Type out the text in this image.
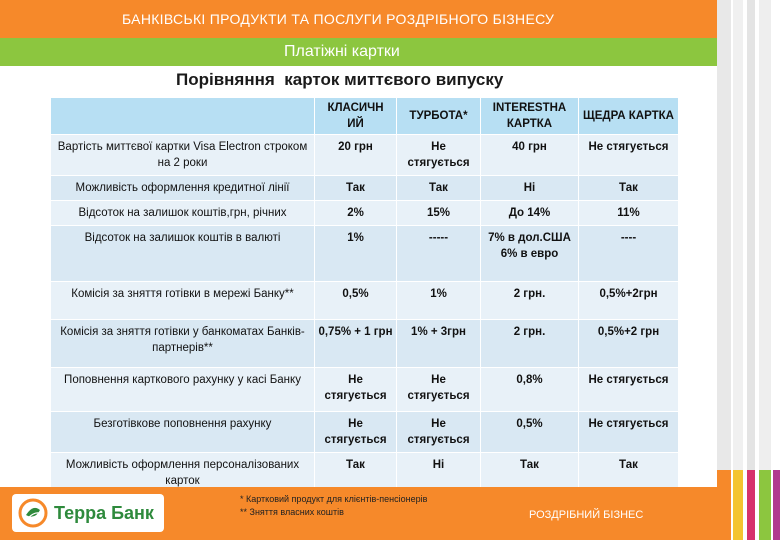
БАНКІВСЬКІ ПРОДУКТИ ТА ПОСЛУГИ РОЗДРІБНОГО БІЗНЕСУ
Платіжні картки
Порівняння  карток миттєвого випуску
	КЛАСИЧН ИЙ	ТУРБОТА*	INTERESTHA КАРТКА	ЩЕДРА КАРТКА
Вартість миттєвої картки Visa Electron строком на 2 роки	20 грн	Не стягується	40 грн	Не стягується
Можливість оформлення кредитної лінії	Так	Так	Ні	Так
Відсоток на залишок коштів,грн, річних	2%	15%	До 14%	11%
Відсоток на залишок коштів в валюті	1%	-----	7% в дол.США 6% в евро	----
Комісія за зняття готівки в мережі Банку**	0,5%	1%	2 грн.	0,5%+2грн
Комісія за зняття готівки у банкоматах Банків-партнерів**	0,75% + 1 грн	1% + 3грн	2 грн.	0,5%+2 грн
Поповнення карткового рахунку у касі Банку	Не стягується	Не стягується	0,8%	Не стягується
Безготівкове поповнення рахунку	Не стягується	Не стягується	0,5%	Не стягується
Можливість оформлення персоналізованих карток	Так	Ні	Так	Так
Терра Банк
* Картковий продукт для клієнтів-пенсіонерів
** Зняття власних коштів	РОЗДРІБНИЙ БІЗНЕС
